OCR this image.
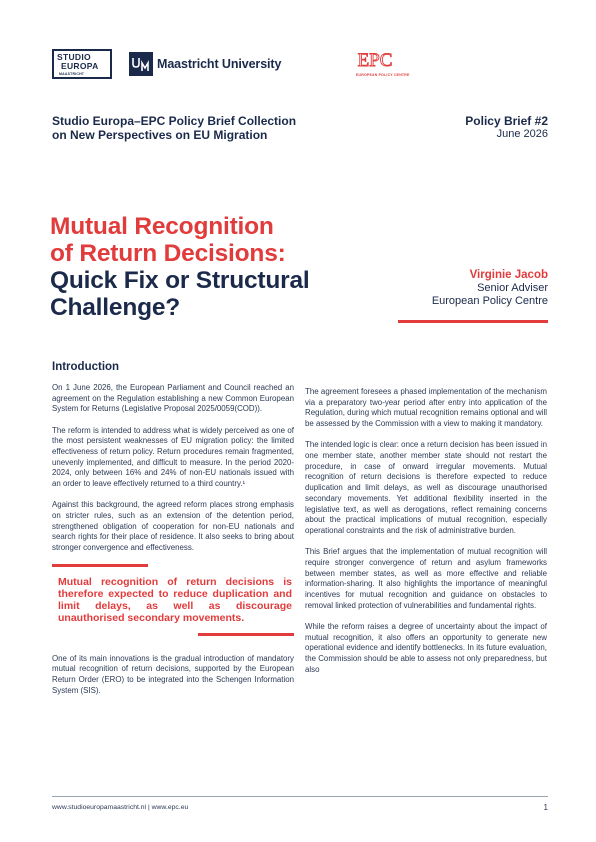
STUDIO
EUROPA
MAASTRICHT
Maastricht University	EPC
EUROPEAN POLICY CENTRE
Studio Europa–EPC Policy Brief Collection
on New Perspectives on EU Migration
Policy Brief #2
June 2026
Mutual Recognition
of Return Decisions:
Quick Fix or Structural
Challenge?
Virginie Jacob
Senior Adviser
European Policy Centre
Introduction

On 1 June 2026, the European Parliament and Council reached an agreement on the Regulation establishing a new Common European System for Returns (Legislative Proposal 2025/0059(COD)).

The reform is intended to address what is widely perceived as one of the most persistent weaknesses of EU migration policy: the limited effectiveness of return policy. Return procedures remain fragmented, unevenly implemented, and difficult to measure. In the period 2020-2024, only between 16% and 24% of non-EU nationals issued with an order to leave effectively returned to a third country.¹

Against this background, the agreed reform places strong emphasis on stricter rules, such as an extension of the detention period, strengthened obligation of cooperation for non-EU nationals and search rights for their place of residence. It also seeks to bring about stronger convergence and effectiveness.

Mutual recognition of return decisions is therefore expected to reduce duplication and limit delays, as well as discourage unauthorised secondary movements.

One of its main innovations is the gradual introduction of mandatory mutual recognition of return decisions, supported by the European Return Order (ERO) to be integrated into the Schengen Information System (SIS).

The agreement foresees a phased implementation of the mechanism via a preparatory two-year period after entry into application of the Regulation, during which mutual recognition remains optional and will be assessed by the Commission with a view to making it mandatory.

The intended logic is clear: once a return decision has been issued in one member state, another member state should not restart the procedure, in case of onward irregular movements. Mutual recognition of return decisions is therefore expected to reduce duplication and limit delays, as well as discourage unauthorised secondary movements. Yet additional flexibility inserted in the legislative text, as well as derogations, reflect remaining concerns about the practical implications of mutual recognition, especially operational constraints and the risk of administrative burden.

This Brief argues that the implementation of mutual recognition will require stronger convergence of return and asylum frameworks between member states, as well as more effective and reliable information-sharing. It also highlights the importance of meaningful incentives for mutual recognition and guidance on obstacles to removal linked protection of vulnerabilities and fundamental rights.

While the reform raises a degree of uncertainty about the impact of mutual recognition, it also offers an opportunity to generate new operational evidence and identify bottlenecks. In its future evaluation, the Commission should be able to assess not only preparedness, but also

www.studioeuropamaastricht.nl | www.epc.eu	1
